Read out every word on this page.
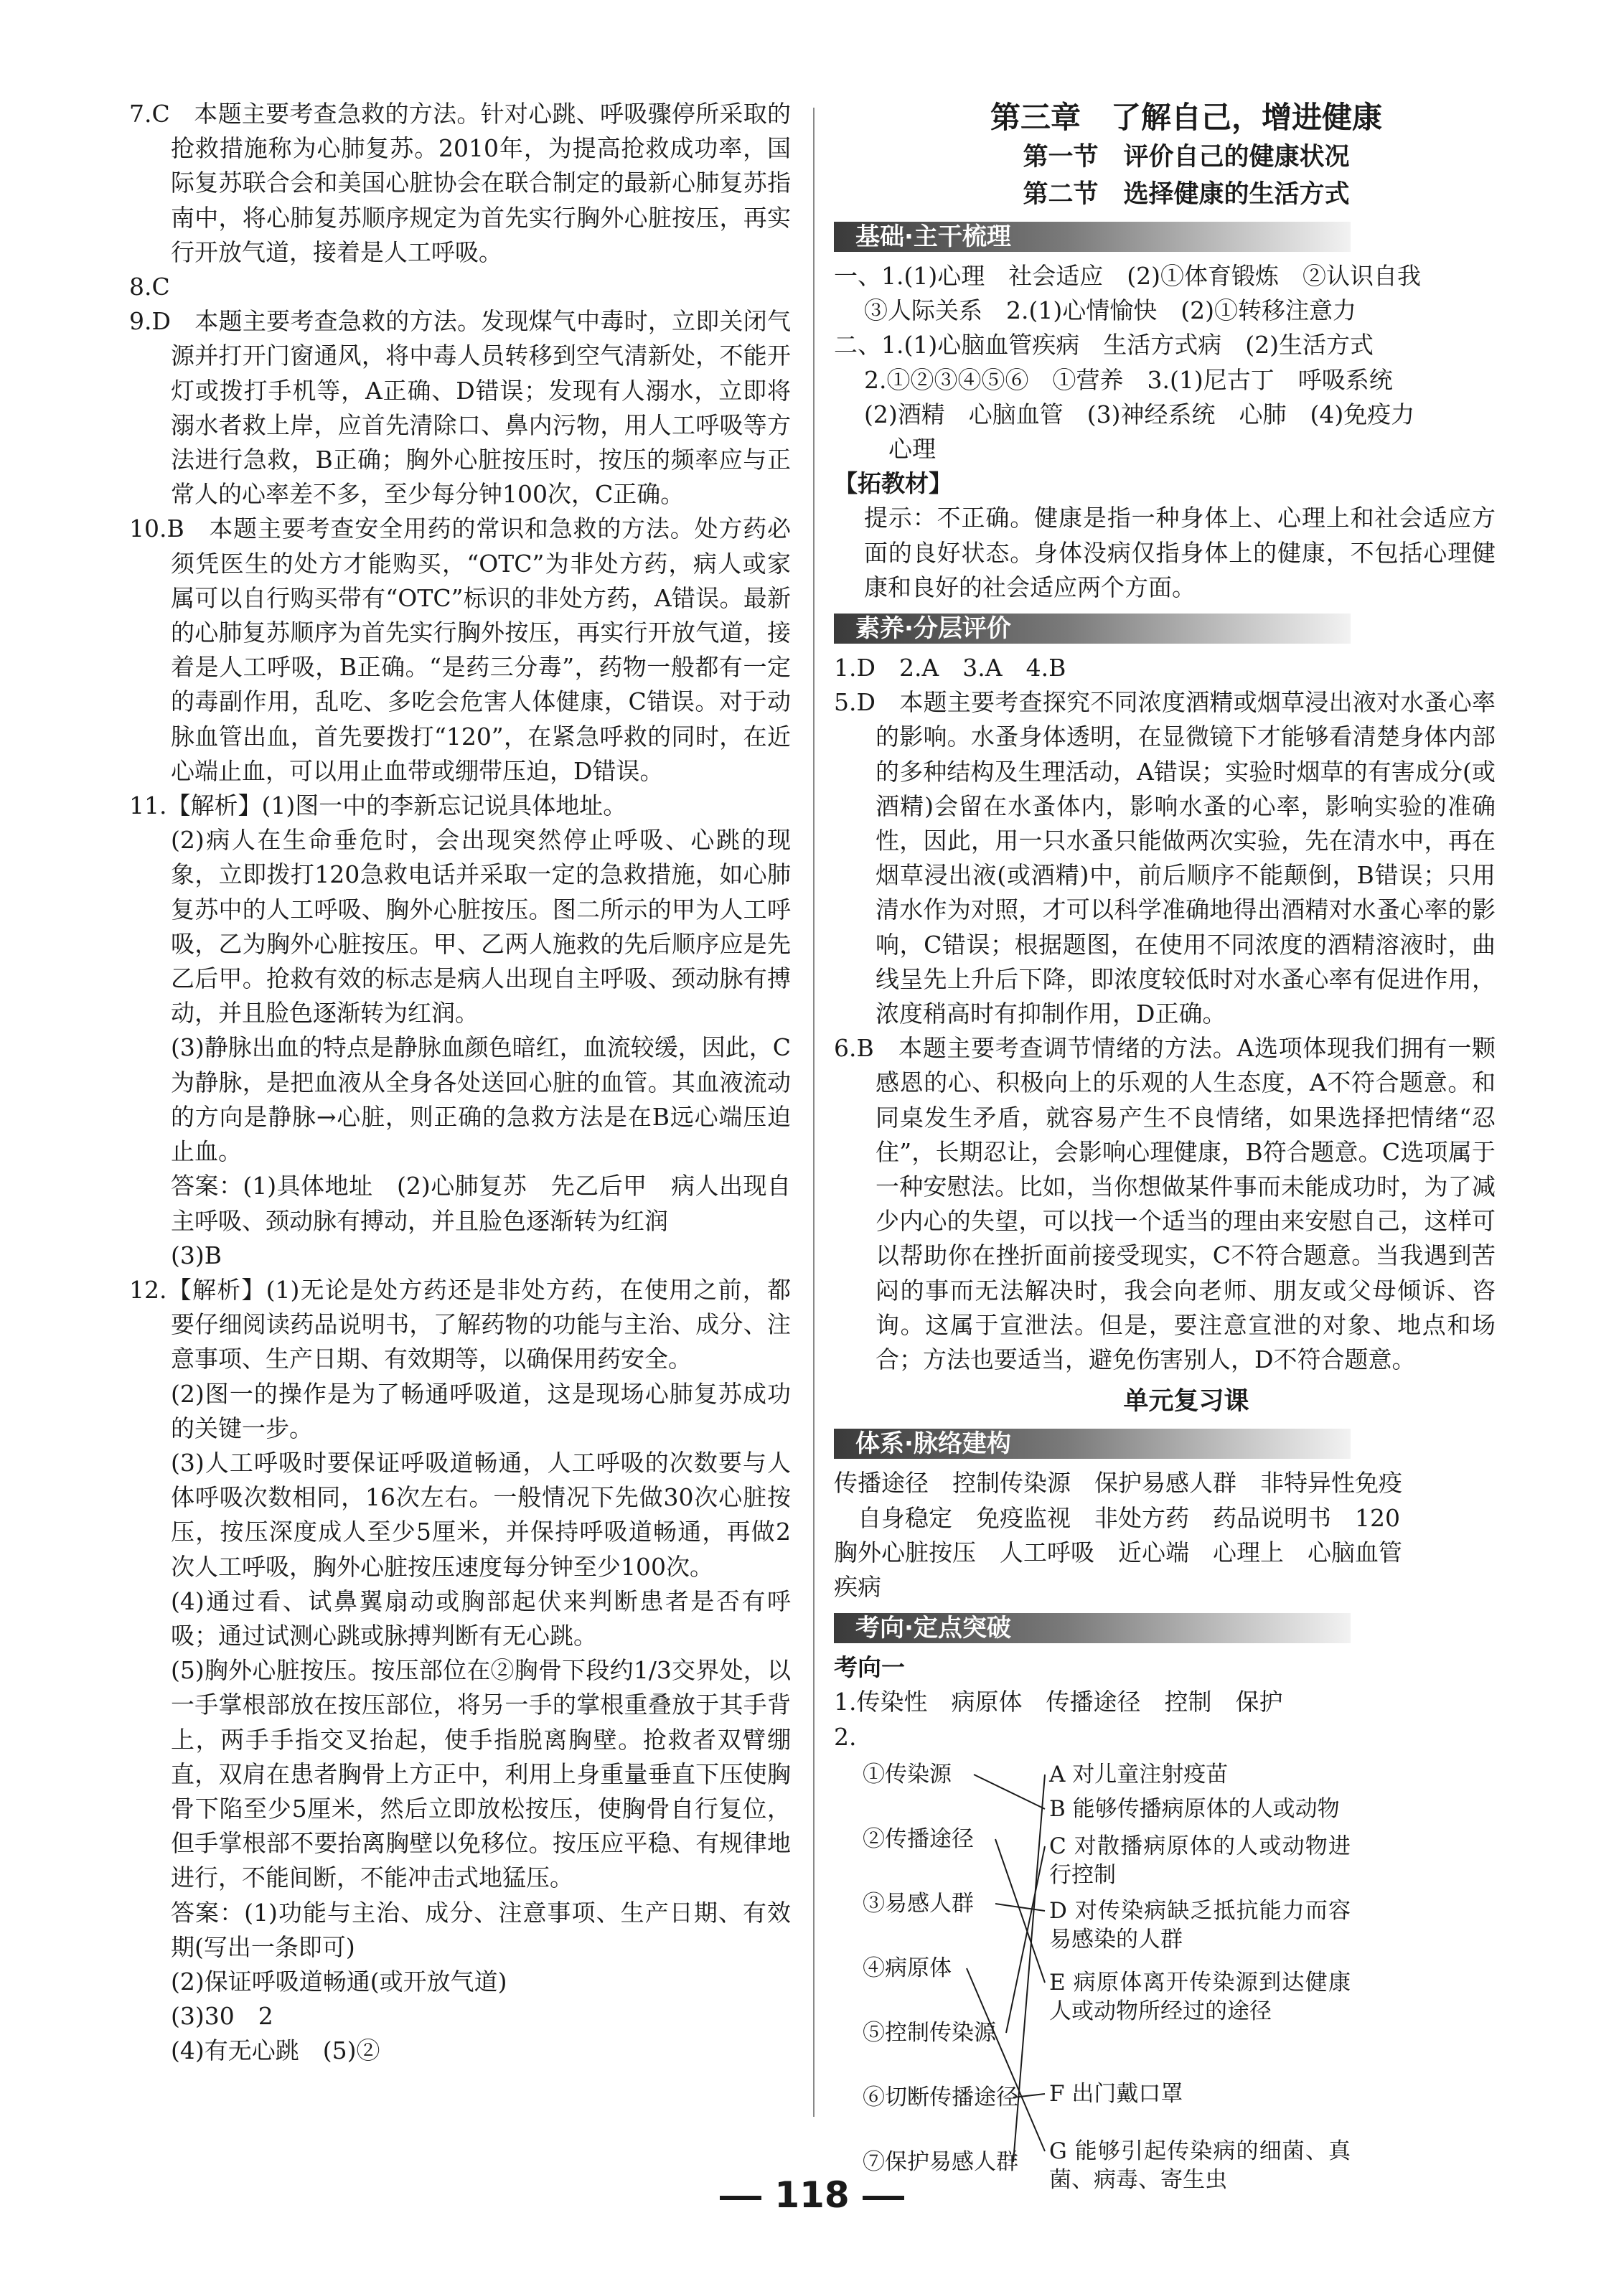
7.C　本题主要考查急救的方法。针对心跳、呼吸骤停所采取的抢救措施称为心肺复苏。2010年，为提高抢救成功率，国际复苏联合会和美国心脏协会在联合制定的最新心肺复苏指南中，将心肺复苏顺序规定为首先实行胸外心脏按压，再实行开放气道，接着是人工呼吸。

8.C

9.D　本题主要考查急救的方法。发现煤气中毒时，立即关闭气源并打开门窗通风，将中毒人员转移到空气清新处，不能开灯或拨打手机等，A正确、D错误；发现有人溺水，立即将溺水者救上岸，应首先清除口、鼻内污物，用人工呼吸等方法进行急救，B正确；胸外心脏按压时，按压的频率应与正常人的心率差不多，至少每分钟100次，C正确。

10.B　本题主要考查安全用药的常识和急救的方法。处方药必须凭医生的处方才能购买，“OTC”为非处方药，病人或家属可以自行购买带有“OTC”标识的非处方药，A错误。最新的心肺复苏顺序为首先实行胸外按压，再实行开放气道，接着是人工呼吸，B正确。“是药三分毒”，药物一般都有一定的毒副作用，乱吃、多吃会危害人体健康，C错误。对于动脉血管出血，首先要拨打“120”，在紧急呼救的同时，在近心端止血，可以用止血带或绷带压迫，D错误。

11.【解析】(1)图一中的李新忘记说具体地址。

(2)病人在生命垂危时，会出现突然停止呼吸、心跳的现象，立即拨打120急救电话并采取一定的急救措施，如心肺复苏中的人工呼吸、胸外心脏按压。图二所示的甲为人工呼吸，乙为胸外心脏按压。甲、乙两人施救的先后顺序应是先乙后甲。抢救有效的标志是病人出现自主呼吸、颈动脉有搏动，并且脸色逐渐转为红润。

(3)静脉出血的特点是静脉血颜色暗红，血流较缓，因此，C为静脉，是把血液从全身各处送回心脏的血管。其血液流动的方向是静脉→心脏，则正确的急救方法是在B远心端压迫止血。

答案：(1)具体地址　(2)心肺复苏　先乙后甲　病人出现自主呼吸、颈动脉有搏动，并且脸色逐渐转为红润

(3)B

12.【解析】(1)无论是处方药还是非处方药，在使用之前，都要仔细阅读药品说明书，了解药物的功能与主治、成分、注意事项、生产日期、有效期等，以确保用药安全。

(2)图一的操作是为了畅通呼吸道，这是现场心肺复苏成功的关键一步。

(3)人工呼吸时要保证呼吸道畅通，人工呼吸的次数要与人体呼吸次数相同，16次左右。一般情况下先做30次心脏按压，按压深度成人至少5厘米，并保持呼吸道畅通，再做2次人工呼吸，胸外心脏按压速度每分钟至少100次。

(4)通过看、试鼻翼扇动或胸部起伏来判断患者是否有呼吸；通过试测心跳或脉搏判断有无心跳。

(5)胸外心脏按压。按压部位在②胸骨下段约1/3交界处，以一手掌根部放在按压部位，将另一手的掌根重叠放于其手背上，两手手指交叉抬起，使手指脱离胸壁。抢救者双臂绷直，双肩在患者胸骨上方正中，利用上身重量垂直下压使胸骨下陷至少5厘米，然后立即放松按压，使胸骨自行复位，但手掌根部不要抬离胸壁以免移位。按压应平稳、有规律地进行，不能间断，不能冲击式地猛压。

答案：(1)功能与主治、成分、注意事项、生产日期、有效期(写出一条即可)

(2)保证呼吸道畅通(或开放气道)

(3)30　2

(4)有无心跳　(5)②

第三章　了解自己，增进健康
第一节　评价自己的健康状况
第二节　选择健康的生活方式
基础·主干梳理

一、1.(1)心理　社会适应　(2)①体育锻炼　②认识自我

③人际关系　2.(1)心情愉快　(2)①转移注意力

二、1.(1)心脑血管疾病　生活方式病　(2)生活方式

2.①②③④⑤⑥　①营养　3.(1)尼古丁　呼吸系统

(2)酒精　心脑血管　(3)神经系统　心肺　(4)免疫力

心理

【拓教材】

提示：不正确。健康是指一种身体上、心理上和社会适应方面的良好状态。身体没病仅指身体上的健康，不包括心理健康和良好的社会适应两个方面。

素养·分层评价

1.D　2.A　3.A　4.B

5.D　本题主要考查探究不同浓度酒精或烟草浸出液对水蚤心率的影响。水蚤身体透明，在显微镜下才能够看清楚身体内部的多种结构及生理活动，A错误；实验时烟草的有害成分(或酒精)会留在水蚤体内，影响水蚤的心率，影响实验的准确性，因此，用一只水蚤只能做两次实验，先在清水中，再在烟草浸出液(或酒精)中，前后顺序不能颠倒，B错误；只用清水作为对照，才可以科学准确地得出酒精对水蚤心率的影响，C错误；根据题图，在使用不同浓度的酒精溶液时，曲线呈先上升后下降，即浓度较低时对水蚤心率有促进作用，浓度稍高时有抑制作用，D正确。

6.B　本题主要考查调节情绪的方法。A选项体现我们拥有一颗感恩的心、积极向上的乐观的人生态度，A不符合题意。和同桌发生矛盾，就容易产生不良情绪，如果选择把情绪“忍住”，长期忍让，会影响心理健康，B符合题意。C选项属于一种安慰法。比如，当你想做某件事而未能成功时，为了减少内心的失望，可以找一个适当的理由来安慰自己，这样可以帮助你在挫折面前接受现实，C不符合题意。当我遇到苦闷的事而无法解决时，我会向老师、朋友或父母倾诉、咨询。这属于宣泄法。但是，要注意宣泄的对象、地点和场合；方法也要适当，避免伤害别人，D不符合题意。

单元复习课
体系·脉络建构

传播途径　控制传染源　保护易感人群　非特异性免疫

　自身稳定　免疫监视　非处方药　药品说明书　120

胸外心脏按压　人工呼吸　近心端　心理上　心脑血管

疾病

考向·定点突破

考向一

1.传染性　病原体　传播途径　控制　保护

2.

①传染源
②传播途径
③易感人群
④病原体
⑤控制传染源
⑥切断传播途径
⑦保护易感人群
A 对儿童注射疫苗
B 能够传播病原体的人或动物
C 对散播病原体的人或动物进行控制
D 对传染病缺乏抵抗能力而容易感染的人群
E 病原体离开传染源到达健康人或动物所经过的途径
F 出门戴口罩
G 能够引起传染病的细菌、真菌、病毒、寄生虫
118
